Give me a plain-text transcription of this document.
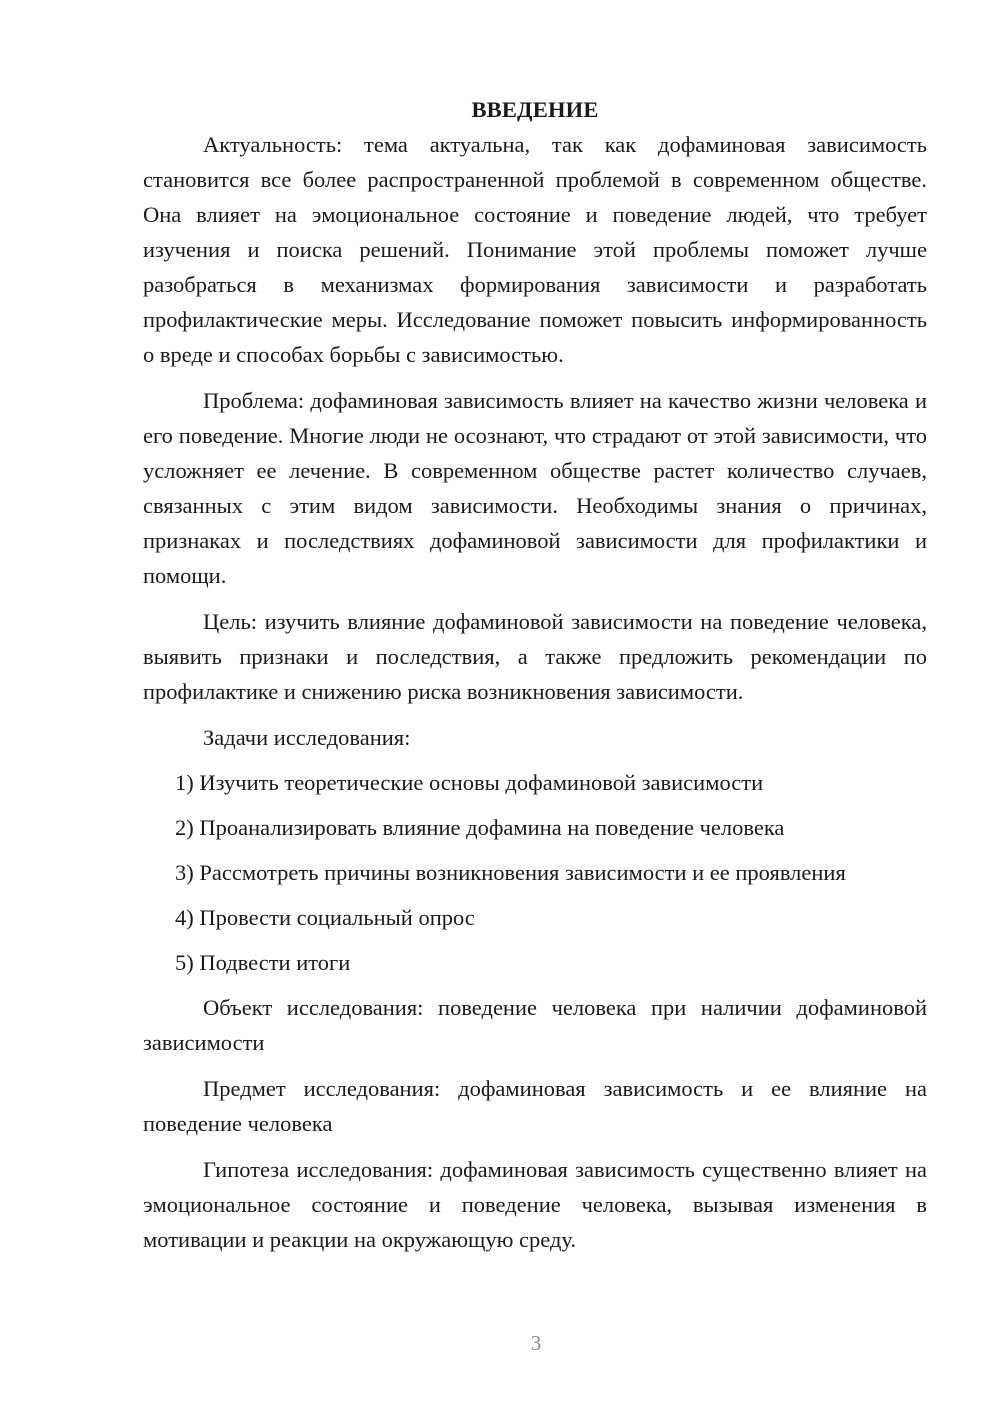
ВВЕДЕНИЕ

Актуальность: тема актуальна, так как дофаминовая зависимость становится все более распространенной проблемой в современном обществе. Она влияет на эмоциональное состояние и поведение людей, что требует изучения и поиска решений. Понимание этой проблемы поможет лучше разобраться в механизмах формирования зависимости и разработать профилактические меры. Исследование поможет повысить информированность о вреде и способах борьбы с зависимостью.

Проблема: дофаминовая зависимость влияет на качество жизни человека и его поведение. Многие люди не осознают, что страдают от этой зависимости, что усложняет ее лечение. В современном обществе растет количество случаев, связанных с этим видом зависимости. Необходимы знания о причинах, признаках и последствиях дофаминовой зависимости для профилактики и помощи.

Цель: изучить влияние дофаминовой зависимости на поведение человека, выявить признаки и последствия, а также предложить рекомендации по профилактике и снижению риска возникновения зависимости.

Задачи исследования:

1) Изучить теоретические основы дофаминовой зависимости

2) Проанализировать влияние дофамина на поведение человека

3) Рассмотреть причины возникновения зависимости и ее проявления

4) Провести социальный опрос

5) Подвести итоги

Объект исследования: поведение человека при наличии дофаминовой зависимости

Предмет исследования: дофаминовая зависимость и ее влияние на поведение человека

Гипотеза исследования: дофаминовая зависимость существенно влияет на эмоциональное состояние и поведение человека, вызывая изменения в мотивации и реакции на окружающую среду.

3
